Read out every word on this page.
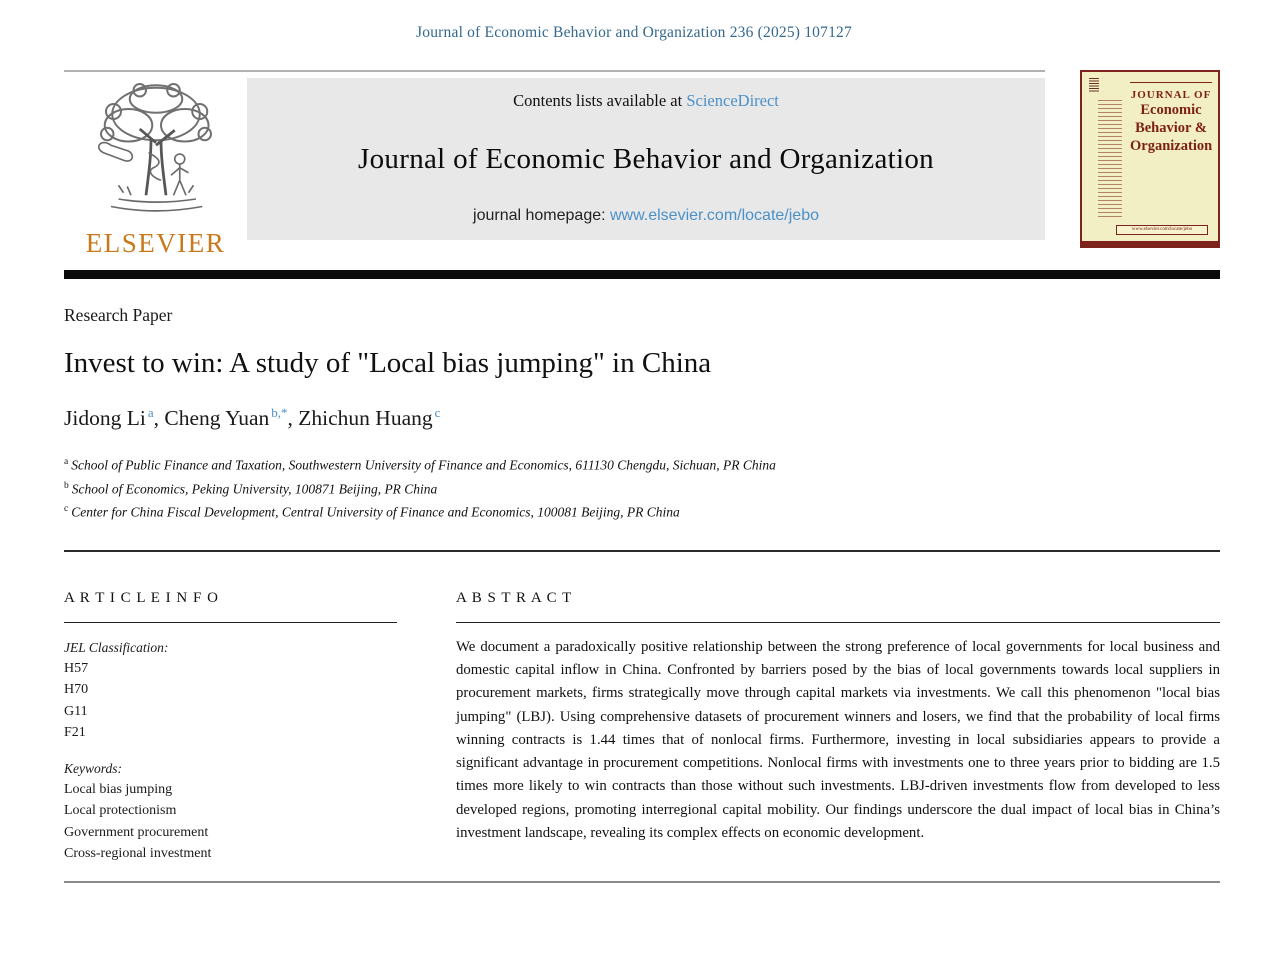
Journal of Economic Behavior and Organization 236 (2025) 107127
ELSEVIER
Contents lists available at ScienceDirect
Journal of Economic Behavior and Organization
journal homepage: www.elsevier.com/locate/jebo
JOURNAL OF
Economic
Behavior &
Organization
www.elsevier.com/locate/jebo
Research Paper
Invest to win: A study of "Local bias jumping" in China
Jidong Li $^a$, Cheng Yuan $^{b,*}$, Zhichun Huang $^c$
$^a$ School of Public Finance and Taxation, Southwestern University of Finance and Economics, 611130 Chengdu, Sichuan, PR China
$^b$ School of Economics, Peking University, 100871 Beijing, PR China
$^c$ Center for China Fiscal Development, Central University of Finance and Economics, 100081 Beijing, PR China
A R T I C L E I N F O
JEL Classification:
H57
H70
G11
F21
Keywords:
Local bias jumping
Local protectionism
Government procurement
Cross-regional investment
A B S T R A C T
We document a paradoxically positive relationship between the strong preference of local governments for local business and domestic capital inflow in China. Confronted by barriers posed by the bias of local governments towards local suppliers in procurement markets, firms strategically move through capital markets via investments. We call this phenomenon "local bias jumping" (LBJ). Using comprehensive datasets of procurement winners and losers, we find that the probability of local firms winning contracts is 1.44 times that of nonlocal firms. Furthermore, investing in local subsidiaries appears to provide a significant advantage in procurement competitions. Nonlocal firms with investments one to three years prior to bidding are 1.5 times more likely to win contracts than those without such investments. LBJ-driven investments flow from developed to less developed regions, promoting interregional capital mobility. Our findings underscore the dual impact of local bias in China’s investment landscape, revealing its complex effects on economic development.
